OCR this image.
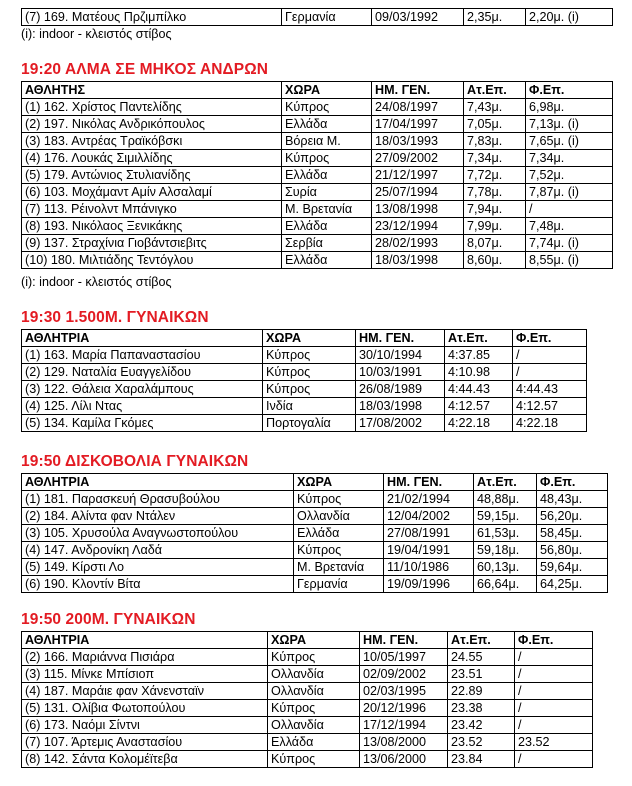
(7) 169. Ματέους Πρζιμπίλκο	Γερμανία	09/03/1992	2,35μ.	2,20μ. (i)
(i): indoor - κλειστός στίβος
19:20 ΑΛΜΑ ΣΕ ΜΗΚΟΣ ΑΝΔΡΩΝ
ΑΘΛΗΤΗΣ	ΧΩΡΑ	ΗΜ. ΓΕΝ.	Ατ.Επ.	Φ.Επ.
(1) 162. Χρίστος Παντελίδης	Κύπρος	24/08/1997	7,43μ.	6,98μ.
(2) 197. Νικόλας Ανδρικόπουλος	Ελλάδα	17/04/1997	7,05μ.	7,13μ. (i)
(3) 183. Αντρέας Τραϊκόβσκι	Βόρεια Μ.	18/03/1993	7,83μ.	7,65μ. (i)
(4) 176. Λουκάς Σιμιλλίδης	Κύπρος	27/09/2002	7,34μ.	7,34μ.
(5) 179. Αντώνιος Στυλιανίδης	Ελλάδα	21/12/1997	7,72μ.	7,52μ.
(6) 103. Μοχάμαντ Αμίν Αλσαλαμί	Συρία	25/07/1994	7,78μ.	7,87μ. (i)
(7) 113. Ρέινολντ Μπάνιγκο	Μ. Βρετανία	13/08/1998	7,94μ.	/
(8) 193. Νικόλαος Ξενικάκης	Ελλάδα	23/12/1994	7,99μ.	7,48μ.
(9) 137. Στραχίνια Γιοβάντσιεβιτς	Σερβία	28/02/1993	8,07μ.	7,74μ. (i)
(10) 180. Μιλτιάδης Τεντόγλου	Ελλάδα	18/03/1998	8,60μ.	8,55μ. (i)
(i): indoor - κλειστός στίβος
19:30 1.500Μ. ΓΥΝΑΙΚΩΝ
ΑΘΛΗΤΡΙΑ	ΧΩΡΑ	ΗΜ. ΓΕΝ.	Ατ.Επ.	Φ.Επ.
(1) 163. Μαρία Παπαναστασίου	Κύπρος	30/10/1994	4:37.85	/
(2) 129. Ναταλία Ευαγγελίδου	Κύπρος	10/03/1991	4:10.98	/
(3) 122. Θάλεια Χαραλάμπους	Κύπρος	26/08/1989	4:44.43	4:44.43
(4) 125. Λίλι Ντας	Ινδία	18/03/1998	4:12.57	4:12.57
(5) 134. Καμίλα Γκόμες	Πορτογαλία	17/08/2002	4:22.18	4:22.18
19:50 ΔΙΣΚΟΒΟΛΙΑ ΓΥΝΑΙΚΩΝ
ΑΘΛΗΤΡΙΑ	ΧΩΡΑ	ΗΜ. ΓΕΝ.	Ατ.Επ.	Φ.Επ.
(1) 181. Παρασκευή Θρασυβούλου	Κύπρος	21/02/1994	48,88μ.	48,43μ.
(2) 184. Αλίντα φαν Ντάλεν	Ολλανδία	12/04/2002	59,15μ.	56,20μ.
(3) 105. Χρυσούλα Αναγνωστοπούλου	Ελλάδα	27/08/1991	61,53μ.	58,45μ.
(4) 147. Ανδρονίκη Λαδά	Κύπρος	19/04/1991	59,18μ.	56,80μ.
(5) 149. Κίρστι Λο	Μ. Βρετανία	11/10/1986	60,13μ.	59,64μ.
(6) 190. Κλοντίν Βίτα	Γερμανία	19/09/1996	66,64μ.	64,25μ.
19:50 200Μ. ΓΥΝΑΙΚΩΝ
ΑΘΛΗΤΡΙΑ	ΧΩΡΑ	ΗΜ. ΓΕΝ.	Ατ.Επ.	Φ.Επ.
(2) 166. Μαριάννα Πισιάρα	Κύπρος	10/05/1997	24.55	/
(3) 115. Μίνκε Μπίσιοπ	Ολλανδία	02/09/2002	23.51	/
(4) 187. Μαράιε φαν Χάνενσταϊν	Ολλανδία	02/03/1995	22.89	/
(5) 131. Ολίβια Φωτοπούλου	Κύπρος	20/12/1996	23.38	/
(6) 173. Ναόμι Σίντνι	Ολλανδία	17/12/1994	23.42	/
(7) 107. Άρτεμις Αναστασίου	Ελλάδα	13/08/2000	23.52	23.52
(8) 142. Σάντα Κολομέϊτεβα	Κύπρος	13/06/2000	23.84	/
